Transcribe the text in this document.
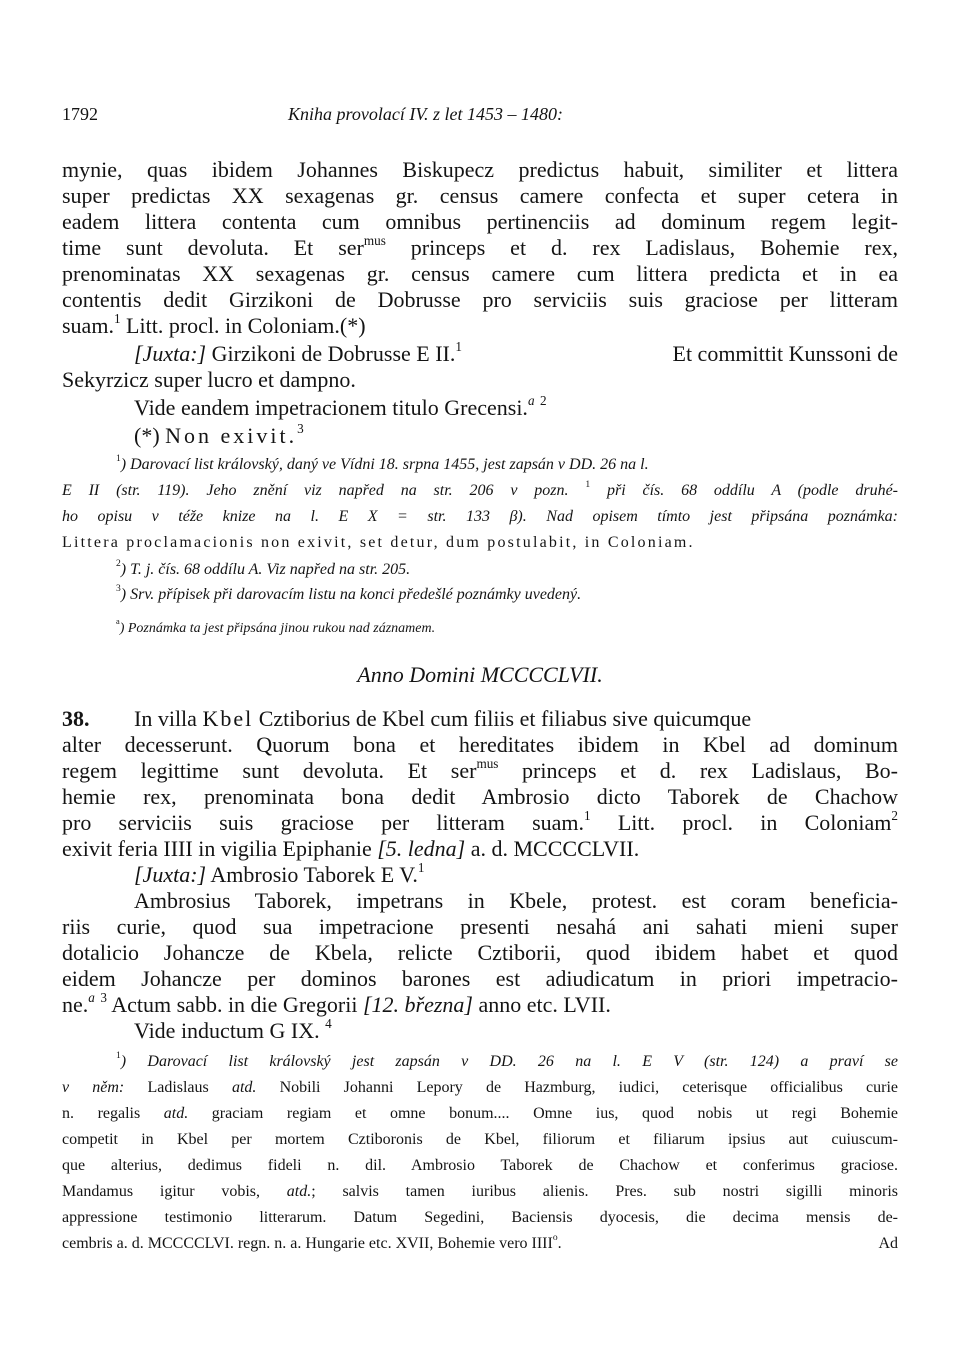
1792	Kniha provolací IV. z let 1453 – 1480:
mynie, quas ibidem Johannes Biskupecz predictus habuit, similiter et littera
super predictas XX sexagenas gr. census camere confecta et super cetera in
eadem littera contenta cum omnibus pertinenciis ad dominum regem legit-
time sunt devoluta. Et ser$^{mus}$ princeps et d. rex Ladislaus, Bohemie rex,
prenominatas XX sexagenas gr. census camere cum littera predicta et in ea
contentis dedit Girzikoni de Dobrusse pro serviciis suis graciose per litteram
suam.$^1$ Litt. procl. in Coloniam.(*)
[Juxta:] Girzikoni de Dobrusse E II.$^1$	Et committit Kunssoni de
Sekyrzicz super lucro et dampno.
Vide eandem impetracionem titulo Grecensi.$^a$ $^2$
(*) Non exivit.$^3$
$^1$) Darovací list královský, daný ve Vídni 18. srpna 1455, jest zapsán v DD. 26 na l.
E II (str. 119). Jeho znění viz napřed na str. 206 v pozn. $^1$ při čís. 68 oddílu A (podle druhé-
ho opisu v téže knize na l. E X = str. 133 β). Nad opisem tímto jest připsána poznámka:
Littera proclamacionis non exivit, set detur, dum postulabit, in Coloniam.
$^2$) T. j. čís. 68 oddílu A. Viz napřed na str. 205.
$^3$) Srv. přípisek při darovacím listu na konci předešlé poznámky uvedený.
$^a$) Poznámka ta jest připsána jinou rukou nad záznamem.
Anno Domini MCCCCLVII.
38. In villa Kbel Cztiborius de Kbel cum filiis et filiabus sive quicumque
alter decesserunt. Quorum bona et hereditates ibidem in Kbel ad dominum
regem legittime sunt devoluta. Et ser$^{mus}$ princeps et d. rex Ladislaus, Bo-
hemie rex, prenominata bona dedit Ambrosio dicto Taborek de Chachow
pro serviciis suis graciose per litteram suam.$^1$ Litt. procl. in Coloniam$^2$
exivit feria IIII in vigilia Epiphanie [5. ledna] a. d. MCCCCLVII.
[Juxta:] Ambrosio Taborek E V.$^1$
Ambrosius Taborek, impetrans in Kbele, protest. est coram beneficia-
riis curie, quod sua impetracione presenti nesahá ani sahati mieni super
dotalicio Johancze de Kbela, relicte Cztiborii, quod ibidem habet et quod
eidem Johancze per dominos barones est adiudicatum in priori impetracio-
ne.$^a$ $^3$ Actum sabb. in die Gregorii [12. března] anno etc. LVII.
Vide inductum G IX. $^4$
$^1$) Darovací list královský jest zapsán v DD. 26 na l. E V (str. 124) a praví se
v něm: Ladislaus atd. Nobili Johanni Lepory de Hazmburg, iudici, ceterisque officialibus curie
n. regalis atd. graciam regiam et omne bonum.... Omne ius, quod nobis ut regi Bohemie
competit in Kbel per mortem Cztiboronis de Kbel, filiorum et filiarum ipsius aut cuiuscum-
que alterius, dedimus fideli n. dil. Ambrosio Taborek de Chachow et conferimus graciose.
Mandamus igitur vobis, atd.; salvis tamen iuribus alienis. Pres. sub nostri sigilli minoris
appressione testimonio litterarum. Datum Segedini, Baciensis dyocesis, die decima mensis de-
cembris a. d. MCCCCLVI. regn. n. a. Hungarie etc. XVII, Bohemie vero IIII$^o$.	Ad
